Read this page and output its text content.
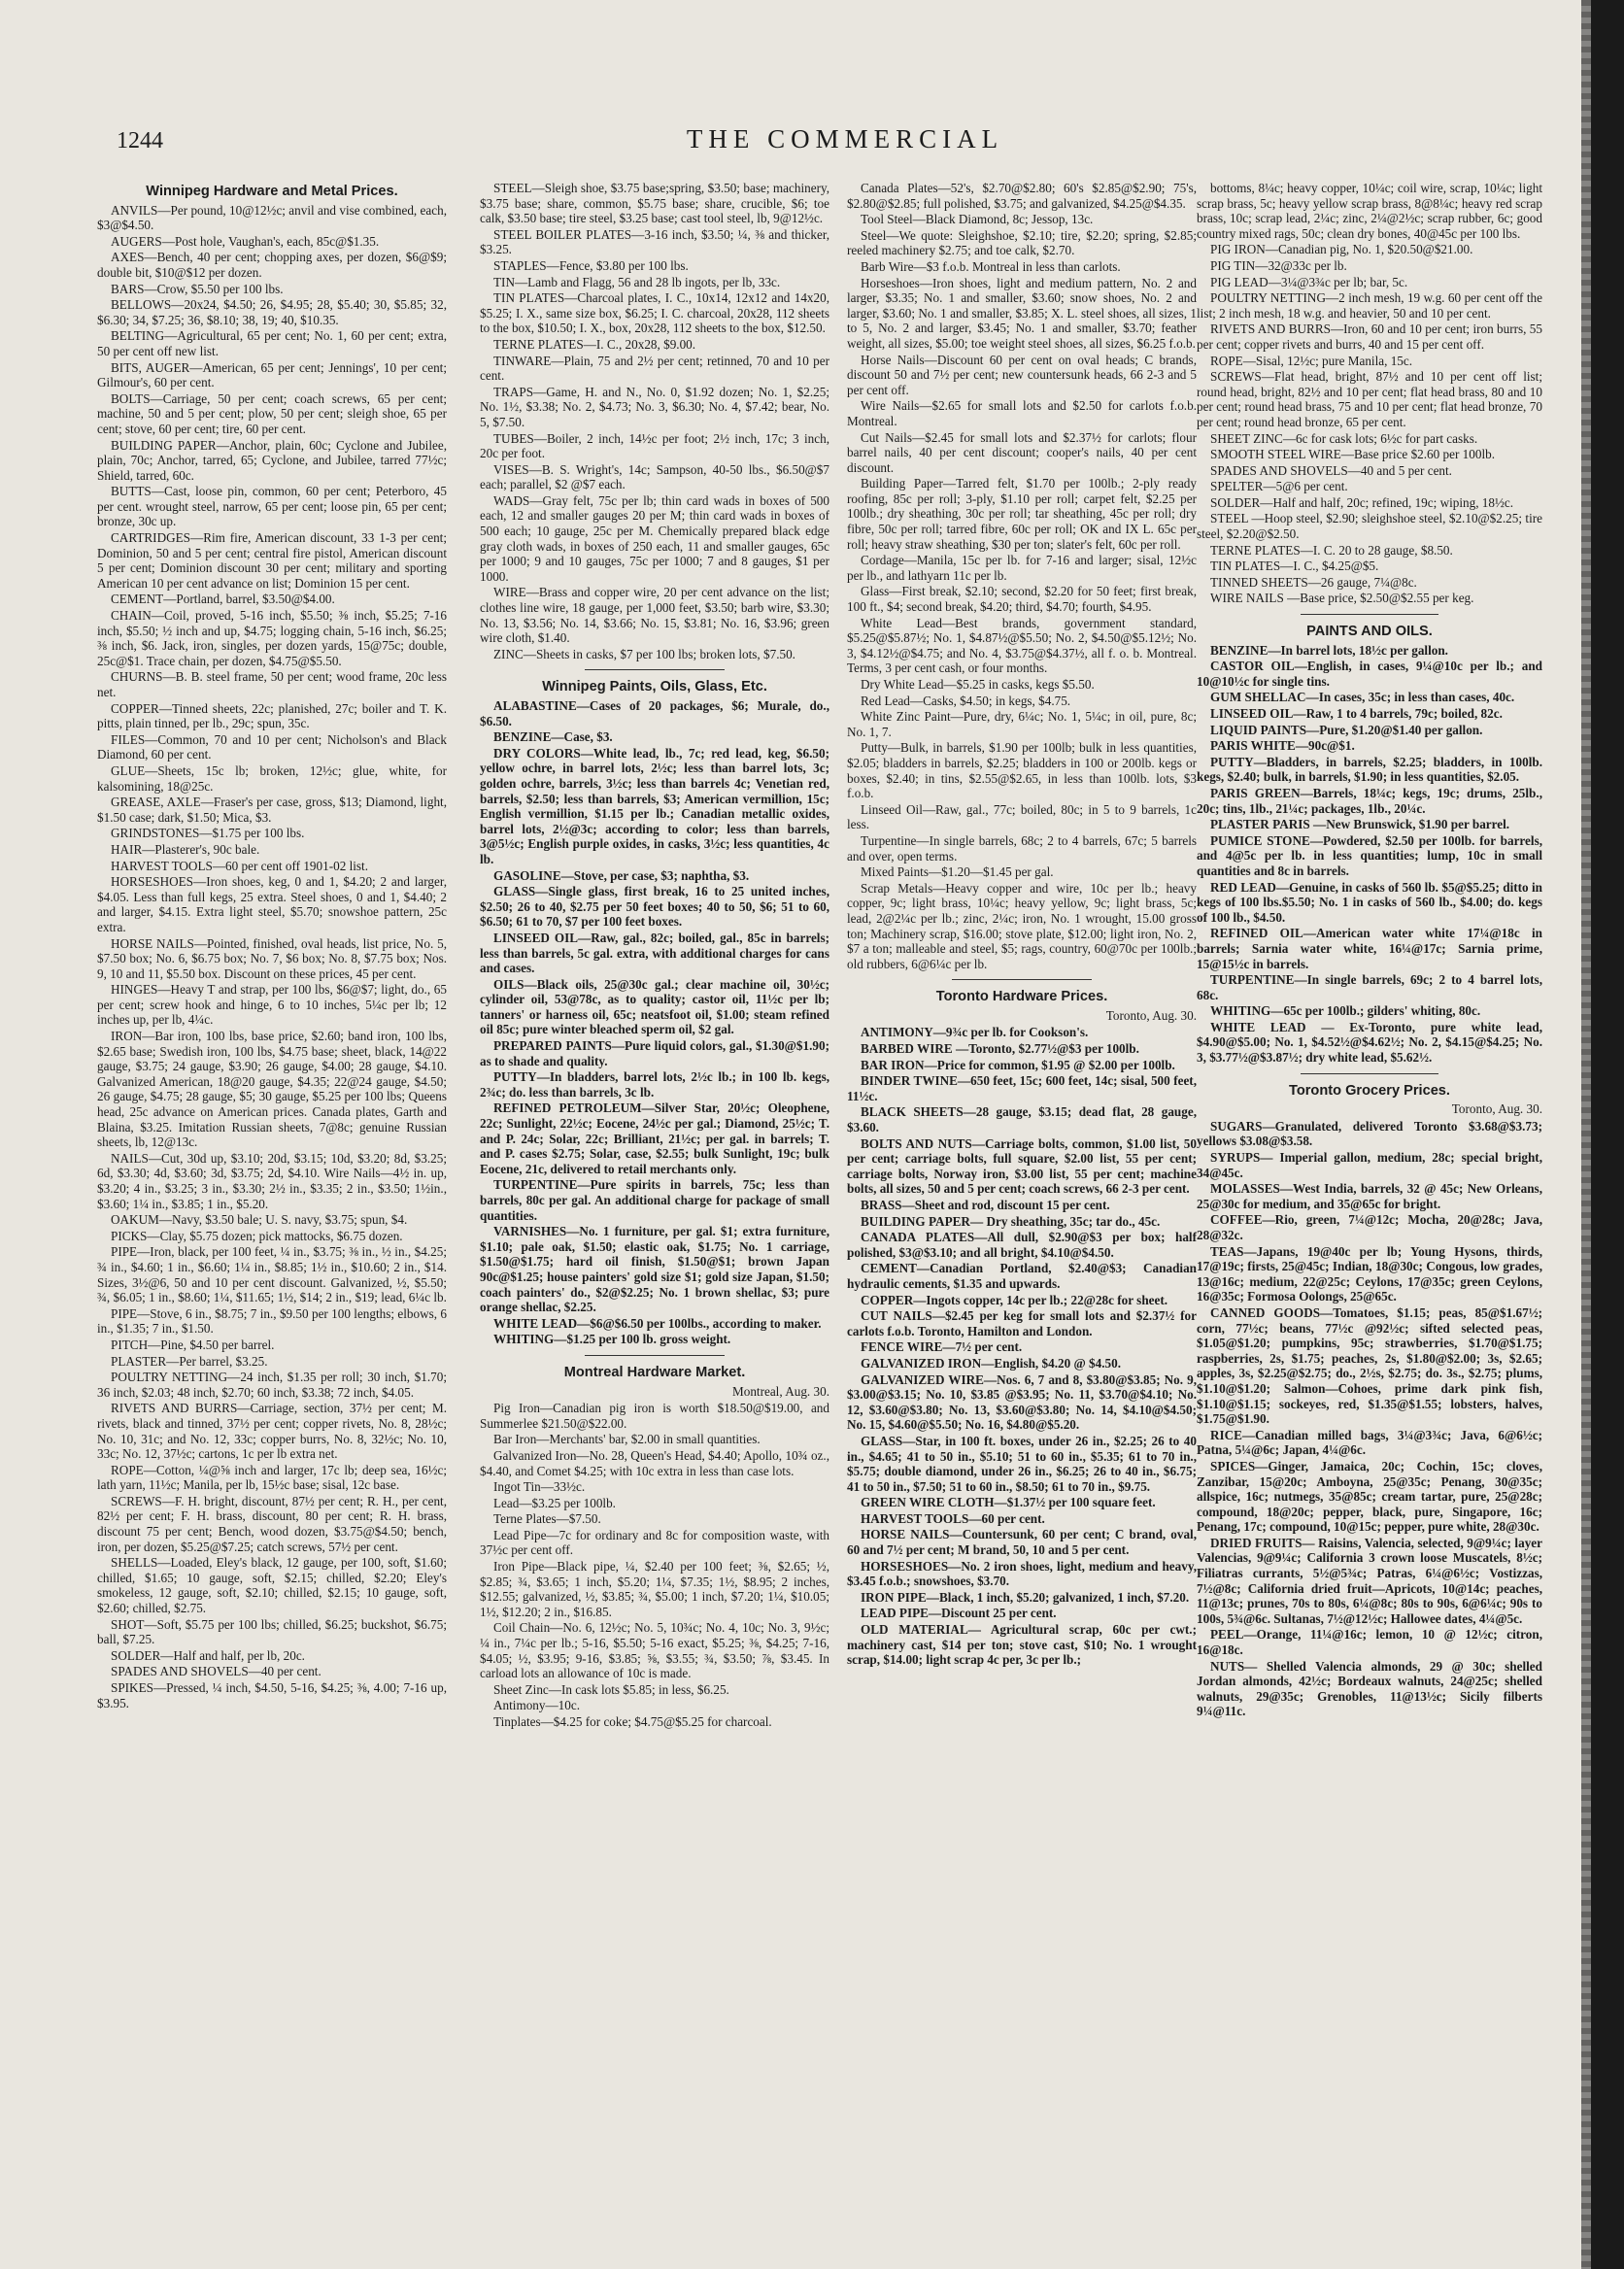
1244	THE COMMERCIAL
Winnipeg Hardware and Metal Prices.

ANVILS—Per pound, 10@12½c; anvil and vise combined, each, $3@$4.50.

AUGERS—Post hole, Vaughan's, each, 85c@$1.35.

AXES—Bench, 40 per cent; chopping axes, per dozen, $6@$9; double bit, $10@$12 per dozen.

BARS—Crow, $5.50 per 100 lbs.

BELLOWS—20x24, $4.50; 26, $4.95; 28, $5.40; 30, $5.85; 32, $6.30; 34, $7.25; 36, $8.10; 38, 19; 40, $10.35.

BELTING—Agricultural, 65 per cent; No. 1, 60 per cent; extra, 50 per cent off new list.

BITS, AUGER—American, 65 per cent; Jennings', 10 per cent; Gilmour's, 60 per cent.

BOLTS—Carriage, 50 per cent; coach screws, 65 per cent; machine, 50 and 5 per cent; plow, 50 per cent; sleigh shoe, 65 per cent; stove, 60 per cent; tire, 60 per cent.

BUILDING PAPER—Anchor, plain, 60c; Cyclone and Jubilee, plain, 70c; Anchor, tarred, 65; Cyclone, and Jubilee, tarred 77½c; Shield, tarred, 60c.

BUTTS—Cast, loose pin, common, 60 per cent; Peterboro, 45 per cent. wrought steel, narrow, 65 per cent; loose pin, 65 per cent; bronze, 30c up.

CARTRIDGES—Rim fire, American discount, 33 1-3 per cent; Dominion, 50 and 5 per cent; central fire pistol, American discount 5 per cent; Dominion discount 30 per cent; military and sporting American 10 per cent advance on list; Dominion 15 per cent.

CEMENT—Portland, barrel, $3.50@$4.00.

CHAIN—Coil, proved, 5-16 inch, $5.50; ⅜ inch, $5.25; 7-16 inch, $5.50; ½ inch and up, $4.75; logging chain, 5-16 inch, $6.25; ⅜ inch, $6. Jack, iron, singles, per dozen yards, 15@75c; double, 25c@$1. Trace chain, per dozen, $4.75@$5.50.

CHURNS—B. B. steel frame, 50 per cent; wood frame, 20c less net.

COPPER—Tinned sheets, 22c; planished, 27c; boiler and T. K. pitts, plain tinned, per lb., 29c; spun, 35c.

FILES—Common, 70 and 10 per cent; Nicholson's and Black Diamond, 60 per cent.

GLUE—Sheets, 15c lb; broken, 12½c; glue, white, for kalsomining, 18@25c.

GREASE, AXLE—Fraser's per case, gross, $13; Diamond, light, $1.50 case; dark, $1.50; Mica, $3.

GRINDSTONES—$1.75 per 100 lbs.

HAIR—Plasterer's, 90c bale.

HARVEST TOOLS—60 per cent off 1901-02 list.

HORSESHOES—Iron shoes, keg, 0 and 1, $4.20; 2 and larger, $4.05. Less than full kegs, 25 extra. Steel shoes, 0 and 1, $4.40; 2 and larger, $4.15. Extra light steel, $5.70; snowshoe pattern, 25c extra.

HORSE NAILS—Pointed, finished, oval heads, list price, No. 5, $7.50 box; No. 6, $6.75 box; No. 7, $6 box; No. 8, $7.75 box; Nos. 9, 10 and 11, $5.50 box. Discount on these prices, 45 per cent.

HINGES—Heavy T and strap, per 100 lbs, $6@$7; light, do., 65 per cent; screw hook and hinge, 6 to 10 inches, 5¼c per lb; 12 inches up, per lb, 4¼c.

IRON—Bar iron, 100 lbs, base price, $2.60; band iron, 100 lbs, $2.65 base; Swedish iron, 100 lbs, $4.75 base; sheet, black, 14@22 gauge, $3.75; 24 gauge, $3.90; 26 gauge, $4.00; 28 gauge, $4.10. Galvanized American, 18@20 gauge, $4.35; 22@24 gauge, $4.50; 26 gauge, $4.75; 28 gauge, $5; 30 gauge, $5.25 per 100 lbs; Queens head, 25c advance on American prices. Canada plates, Garth and Blaina, $3.25. Imitation Russian sheets, 7@8c; genuine Russian sheets, lb, 12@13c.

NAILS—Cut, 30d up, $3.10; 20d, $3.15; 10d, $3.20; 8d, $3.25; 6d, $3.30; 4d, $3.60; 3d, $3.75; 2d, $4.10. Wire Nails—4½ in. up, $3.20; 4 in., $3.25; 3 in., $3.30; 2½ in., $3.35; 2 in., $3.50; 1½in., $3.60; 1¼ in., $3.85; 1 in., $5.20.

OAKUM—Navy, $3.50 bale; U. S. navy, $3.75; spun, $4.

PICKS—Clay, $5.75 dozen; pick mattocks, $6.75 dozen.

PIPE—Iron, black, per 100 feet, ¼ in., $3.75; ⅜ in., ½ in., $4.25; ¾ in., $4.60; 1 in., $6.60; 1¼ in., $8.85; 1½ in., $10.60; 2 in., $14. Sizes, 3½@6, 50 and 10 per cent discount. Galvanized, ½, $5.50; ¾, $6.05; 1 in., $8.60; 1¼, $11.65; 1½, $14; 2 in., $19; lead, 6¼c lb.

PIPE—Stove, 6 in., $8.75; 7 in., $9.50 per 100 lengths; elbows, 6 in., $1.35; 7 in., $1.50.

PITCH—Pine, $4.50 per barrel.

PLASTER—Per barrel, $3.25.

POULTRY NETTING—24 inch, $1.35 per roll; 30 inch, $1.70; 36 inch, $2.03; 48 inch, $2.70; 60 inch, $3.38; 72 inch, $4.05.

RIVETS AND BURRS—Carriage, section, 37½ per cent; M. rivets, black and tinned, 37½ per cent; copper rivets, No. 8, 28½c; No. 10, 31c; and No. 12, 33c; copper burrs, No. 8, 32½c; No. 10, 33c; No. 12, 37½c; cartons, 1c per lb extra net.

ROPE—Cotton, ¼@⅝ inch and larger, 17c lb; deep sea, 16½c; lath yarn, 11½c; Manila, per lb, 15½c base; sisal, 12c base.

SCREWS—F. H. bright, discount, 87½ per cent; R. H., per cent, 82½ per cent; F. H. brass, discount, 80 per cent; R. H. brass, discount 75 per cent; Bench, wood dozen, $3.75@$4.50; bench, iron, per dozen, $5.25@$7.25; catch screws, 57½ per cent.

SHELLS—Loaded, Eley's black, 12 gauge, per 100, soft, $1.60; chilled, $1.65; 10 gauge, soft, $2.15; chilled, $2.20; Eley's smokeless, 12 gauge, soft, $2.10; chilled, $2.15; 10 gauge, soft, $2.60; chilled, $2.75.

SHOT—Soft, $5.75 per 100 lbs; chilled, $6.25; buckshot, $6.75; ball, $7.25.

SOLDER—Half and half, per lb, 20c.

SPADES AND SHOVELS—40 per cent.

SPIKES—Pressed, ¼ inch, $4.50, 5-16, $4.25; ⅜, 4.00; 7-16 up, $3.95.

STEEL—Sleigh shoe, $3.75 base;spring, $3.50; base; machinery, $3.75 base; share, common, $5.75 base; share, crucible, $6; toe calk, $3.50 base; tire steel, $3.25 base; cast tool steel, lb, 9@12½c.

STEEL BOILER PLATES—3-16 inch, $3.50; ¼, ⅜ and thicker, $3.25.

STAPLES—Fence, $3.80 per 100 lbs.

TIN—Lamb and Flagg, 56 and 28 lb ingots, per lb, 33c.

TIN PLATES—Charcoal plates, I. C., 10x14, 12x12 and 14x20, $5.25; I. X., same size box, $6.25; I. C. charcoal, 20x28, 112 sheets to the box, $10.50; I. X., box, 20x28, 112 sheets to the box, $12.50.

TERNE PLATES—I. C., 20x28, $9.00.

TINWARE—Plain, 75 and 2½ per cent; retinned, 70 and 10 per cent.

TRAPS—Game, H. and N., No. 0, $1.92 dozen; No. 1, $2.25; No. 1½, $3.38; No. 2, $4.73; No. 3, $6.30; No. 4, $7.42; bear, No. 5, $7.50.

TUBES—Boiler, 2 inch, 14½c per foot; 2½ inch, 17c; 3 inch, 20c per foot.

VISES—B. S. Wright's, 14c; Sampson, 40-50 lbs., $6.50@$7 each; parallel, $2 @$7 each.

WADS—Gray felt, 75c per lb; thin card wads in boxes of 500 each, 12 and smaller gauges 20 per M; thin card wads in boxes of 500 each; 10 gauge, 25c per M. Chemically prepared black edge gray cloth wads, in boxes of 250 each, 11 and smaller gauges, 65c per 1000; 9 and 10 gauges, 75c per 1000; 7 and 8 gauges, $1 per 1000.

WIRE—Brass and copper wire, 20 per cent advance on the list; clothes line wire, 18 gauge, per 1,000 feet, $3.50; barb wire, $3.30; No. 13, $3.56; No. 14, $3.66; No. 15, $3.81; No. 16, $3.96; green wire cloth, $1.40.

ZINC—Sheets in casks, $7 per 100 lbs; broken lots, $7.50.

Winnipeg Paints, Oils, Glass, Etc.

ALABASTINE—Cases of 20 packages, $6; Murale, do., $6.50.

BENZINE—Case, $3.

DRY COLORS—White lead, lb., 7c; red lead, keg, $6.50; yellow ochre, in barrel lots, 2½c; less than barrel lots, 3c; golden ochre, barrels, 3½c; less than barrels 4c; Venetian red, barrels, $2.50; less than barrels, $3; American vermillion, 15c; English vermillion, $1.15 per lb.; Canadian metallic oxides, barrel lots, 2½@3c; according to color; less than barrels, 3@5½c; English purple oxides, in casks, 3½c; less quantities, 4c lb.

GASOLINE—Stove, per case, $3; naphtha, $3.

GLASS—Single glass, first break, 16 to 25 united inches, $2.50; 26 to 40, $2.75 per 50 feet boxes; 40 to 50, $6; 51 to 60, $6.50; 61 to 70, $7 per 100 feet boxes.

LINSEED OIL—Raw, gal., 82c; boiled, gal., 85c in barrels; less than barrels, 5c gal. extra, with additional charges for cans and cases.

OILS—Black oils, 25@30c gal.; clear machine oil, 30½c; cylinder oil, 53@78c, as to quality; castor oil, 11½c per lb; tanners' or harness oil, 65c; neatsfoot oil, $1.00; steam refined oil 85c; pure winter bleached sperm oil, $2 gal.

PREPARED PAINTS—Pure liquid colors, gal., $1.30@$1.90; as to shade and quality.

PUTTY—In bladders, barrel lots, 2½c lb.; in 100 lb. kegs, 2¾c; do. less than barrels, 3c lb.

REFINED PETROLEUM—Silver Star, 20½c; Oleophene, 22c; Sunlight, 22½c; Eocene, 24½c per gal.; Diamond, 25½c; T. and P. 24c; Solar, 22c; Brilliant, 21½c; per gal. in barrels; T. and P. cases $2.75; Solar, case, $2.55; bulk Sunlight, 19c; bulk Eocene, 21c, delivered to retail merchants only.

TURPENTINE—Pure spirits in barrels, 75c; less than barrels, 80c per gal. An additional charge for package of small quantities.

VARNISHES—No. 1 furniture, per gal. $1; extra furniture, $1.10; pale oak, $1.50; elastic oak, $1.75; No. 1 carriage, $1.50@$1.75; hard oil finish, $1.50@$1; brown Japan 90c@$1.25; house painters' gold size $1; gold size Japan, $1.50; coach painters' do., $2@$2.25; No. 1 brown shellac, $3; pure orange shellac, $2.25.

WHITE LEAD—$6@$6.50 per 100lbs., according to maker.

WHITING—$1.25 per 100 lb. gross weight.

Montreal Hardware Market.
Montreal, Aug. 30.

Pig Iron—Canadian pig iron is worth $18.50@$19.00, and Summerlee $21.50@$22.00.

Bar Iron—Merchants' bar, $2.00 in small quantities.

Galvanized Iron—No. 28, Queen's Head, $4.40; Apollo, 10¾ oz., $4.40, and Comet $4.25; with 10c extra in less than case lots.

Ingot Tin—33½c.

Lead—$3.25 per 100lb.

Terne Plates—$7.50.

Lead Pipe—7c for ordinary and 8c for composition waste, with 37½c per cent off.

Iron Pipe—Black pipe, ¼, $2.40 per 100 feet; ⅜, $2.65; ½, $2.85; ¾, $3.65; 1 inch, $5.20; 1¼, $7.35; 1½, $8.95; 2 inches, $12.55; galvanized, ½, $3.85; ¾, $5.00; 1 inch, $7.20; 1¼, $10.05; 1½, $12.20; 2 in., $16.85.

Coil Chain—No. 6, 12½c; No. 5, 10¾c; No. 4, 10c; No. 3, 9½c; ¼ in., 7¼c per lb.; 5-16, $5.50; 5-16 exact, $5.25; ⅜, $4.25; 7-16, $4.05; ½, $3.95; 9-16, $3.85; ⅝, $3.55; ¾, $3.50; ⅞, $3.45. In carload lots an allowance of 10c is made.

Sheet Zinc—In cask lots $5.85; in less, $6.25.

Antimony—10c.

Tinplates—$4.25 for coke; $4.75@$5.25 for charcoal.

Canada Plates—52's, $2.70@$2.80; 60's $2.85@$2.90; 75's, $2.80@$2.85; full polished, $3.75; and galvanized, $4.25@$4.35.

Tool Steel—Black Diamond, 8c; Jessop, 13c.

Steel—We quote: Sleighshoe, $2.10; tire, $2.20; spring, $2.85; reeled machinery $2.75; and toe calk, $2.70.

Barb Wire—$3 f.o.b. Montreal in less than carlots.

Horseshoes—Iron shoes, light and medium pattern, No. 2 and larger, $3.35; No. 1 and smaller, $3.60; snow shoes, No. 2 and larger, $3.60; No. 1 and smaller, $3.85; X. L. steel shoes, all sizes, 1 to 5, No. 2 and larger, $3.45; No. 1 and smaller, $3.70; feather weight, all sizes, $5.00; toe weight steel shoes, all sizes, $6.25 f.o.b.

Horse Nails—Discount 60 per cent on oval heads; C brands, discount 50 and 7½ per cent; new countersunk heads, 66 2-3 and 5 per cent off.

Wire Nails—$2.65 for small lots and $2.50 for carlots f.o.b. Montreal.

Cut Nails—$2.45 for small lots and $2.37½ for carlots; flour barrel nails, 40 per cent discount; cooper's nails, 40 per cent discount.

Building Paper—Tarred felt, $1.70 per 100lb.; 2-ply ready roofing, 85c per roll; 3-ply, $1.10 per roll; carpet felt, $2.25 per 100lb.; dry sheathing, 30c per roll; tar sheathing, 45c per roll; dry fibre, 50c per roll; tarred fibre, 60c per roll; OK and IX L. 65c per roll; heavy straw sheathing, $30 per ton; slater's felt, 60c per roll.

Cordage—Manila, 15c per lb. for 7-16 and larger; sisal, 12½c per lb., and lathyarn 11c per lb.

Glass—First break, $2.10; second, $2.20 for 50 feet; first break, 100 ft., $4; second break, $4.20; third, $4.70; fourth, $4.95.

White Lead—Best brands, government standard, $5.25@$5.87½; No. 1, $4.87½@$5.50; No. 2, $4.50@$5.12½; No. 3, $4.12½@$4.75; and No. 4, $3.75@$4.37½, all f. o. b. Montreal. Terms, 3 per cent cash, or four months.

Dry White Lead—$5.25 in casks, kegs $5.50.

Red Lead—Casks, $4.50; in kegs, $4.75.

White Zinc Paint—Pure, dry, 6¼c; No. 1, 5¼c; in oil, pure, 8c; No. 1, 7.

Putty—Bulk, in barrels, $1.90 per 100lb; bulk in less quantities, $2.05; bladders in barrels, $2.25; bladders in 100 or 200lb. kegs or boxes, $2.40; in tins, $2.55@$2.65, in less than 100lb. lots, $3 f.o.b.

Linseed Oil—Raw, gal., 77c; boiled, 80c; in 5 to 9 barrels, 1c less.

Turpentine—In single barrels, 68c; 2 to 4 barrels, 67c; 5 barrels and over, open terms.

Mixed Paints—$1.20—$1.45 per gal.

Scrap Metals—Heavy copper and wire, 10c per lb.; heavy copper, 9c; light brass, 10¼c; heavy yellow, 9c; light brass, 5c; lead, 2@2¼c per lb.; zinc, 2¼c; iron, No. 1 wrought, 15.00 gross ton; Machinery scrap, $16.00; stove plate, $12.00; light iron, No. 2, $7 a ton; malleable and steel, $5; rags, country, 60@70c per 100lb.; old rubbers, 6@6¼c per lb.

Toronto Hardware Prices.
Toronto, Aug. 30.

ANTIMONY—9¾c per lb. for Cookson's.

BARBED WIRE —Toronto, $2.77½@$3 per 100lb.

BAR IRON—Price for common, $1.95 @ $2.00 per 100lb.

BINDER TWINE—650 feet, 15c; 600 feet, 14c; sisal, 500 feet, 11½c.

BLACK SHEETS—28 gauge, $3.15; dead flat, 28 gauge, $3.60.

BOLTS AND NUTS—Carriage bolts, common, $1.00 list, 50 per cent; carriage bolts, full square, $2.00 list, 55 per cent; carriage bolts, Norway iron, $3.00 list, 55 per cent; machine bolts, all sizes, 50 and 5 per cent; coach screws, 66 2-3 per cent.

BRASS—Sheet and rod, discount 15 per cent.

BUILDING PAPER— Dry sheathing, 35c; tar do., 45c.

CANADA PLATES—All dull, $2.90@$3 per box; half polished, $3@$3.10; and all bright, $4.10@$4.50.

CEMENT—Canadian Portland, $2.40@$3; Canadian hydraulic cements, $1.35 and upwards.

COPPER—Ingots copper, 14c per lb.; 22@28c for sheet.

CUT NAILS—$2.45 per keg for small lots and $2.37½ for carlots f.o.b. Toronto, Hamilton and London.

FENCE WIRE—7½ per cent.

GALVANIZED IRON—English, $4.20 @ $4.50.

GALVANIZED WIRE—Nos. 6, 7 and 8, $3.80@$3.85; No. 9, $3.00@$3.15; No. 10, $3.85 @$3.95; No. 11, $3.70@$4.10; No. 12, $3.60@$3.80; No. 13, $3.60@$3.80; No. 14, $4.10@$4.50; No. 15, $4.60@$5.50; No. 16, $4.80@$5.20.

GLASS—Star, in 100 ft. boxes, under 26 in., $2.25; 26 to 40 in., $4.65; 41 to 50 in., $5.10; 51 to 60 in., $5.35; 61 to 70 in., $5.75; double diamond, under 26 in., $6.25; 26 to 40 in., $6.75; 41 to 50 in., $7.50; 51 to 60 in., $8.50; 61 to 70 in., $9.75.

GREEN WIRE CLOTH—$1.37½ per 100 square feet.

HARVEST TOOLS—60 per cent.

HORSE NAILS—Countersunk, 60 per cent; C brand, oval, 60 and 7½ per cent; M brand, 50, 10 and 5 per cent.

HORSESHOES—No. 2 iron shoes, light, medium and heavy, $3.45 f.o.b.; snowshoes, $3.70.

IRON PIPE—Black, 1 inch, $5.20; galvanized, 1 inch, $7.20.

LEAD PIPE—Discount 25 per cent.

OLD MATERIAL— Agricultural scrap, 60c per cwt.; machinery cast, $14 per ton; stove cast, $10; No. 1 wrought scrap, $14.00; light scrap 4c per, 3c per lb.;

bottoms, 8¼c; heavy copper, 10¼c; coil wire, scrap, 10¼c; light scrap brass, 5c; heavy yellow scrap brass, 8@8¼c; heavy red scrap brass, 10c; scrap lead, 2¼c; zinc, 2¼@2½c; scrap rubber, 6c; good country mixed rags, 50c; clean dry bones, 40@45c per 100 lbs.

PIG IRON—Canadian pig, No. 1, $20.50@$21.00.

PIG TIN—32@33c per lb.

PIG LEAD—3¼@3¾c per lb; bar, 5c.

POULTRY NETTING—2 inch mesh, 19 w.g. 60 per cent off the list; 2 inch mesh, 18 w.g. and heavier, 50 and 10 per cent.

RIVETS AND BURRS—Iron, 60 and 10 per cent; iron burrs, 55 per cent; copper rivets and burrs, 40 and 15 per cent off.

ROPE—Sisal, 12½c; pure Manila, 15c.

SCREWS—Flat head, bright, 87½ and 10 per cent off list; round head, bright, 82½ and 10 per cent; flat head brass, 80 and 10 per cent; round head brass, 75 and 10 per cent; flat head bronze, 70 per cent; round head bronze, 65 per cent.

SHEET ZINC—6c for cask lots; 6½c for part casks.

SMOOTH STEEL WIRE—Base price $2.60 per 100lb.

SPADES AND SHOVELS—40 and 5 per cent.

SPELTER—5@6 per cent.

SOLDER—Half and half, 20c; refined, 19c; wiping, 18½c.

STEEL —Hoop steel, $2.90; sleighshoe steel, $2.10@$2.25; tire steel, $2.20@$2.50.

TERNE PLATES—I. C. 20 to 28 gauge, $8.50.

TIN PLATES—I. C., $4.25@$5.

TINNED SHEETS—26 gauge, 7¼@8c.

WIRE NAILS —Base price, $2.50@$2.55 per keg.

PAINTS AND OILS.

BENZINE—In barrel lots, 18½c per gallon.

CASTOR OIL—English, in cases, 9¼@10c per lb.; and 10@10½c for single tins.

GUM SHELLAC—In cases, 35c; in less than cases, 40c.

LINSEED OIL—Raw, 1 to 4 barrels, 79c; boiled, 82c.

LIQUID PAINTS—Pure, $1.20@$1.40 per gallon.

PARIS WHITE—90c@$1.

PUTTY—Bladders, in barrels, $2.25; bladders, in 100lb. kegs, $2.40; bulk, in barrels, $1.90; in less quantities, $2.05.

PARIS GREEN—Barrels, 18¼c; kegs, 19c; drums, 25lb., 20c; tins, 1lb., 21¼c; packages, 1lb., 20¼c.

PLASTER PARIS —New Brunswick, $1.90 per barrel.

PUMICE STONE—Powdered, $2.50 per 100lb. for barrels, and 4@5c per lb. in less quantities; lump, 10c in small quantities and 8c in barrels.

RED LEAD—Genuine, in casks of 560 lb. $5@$5.25; ditto in kegs of 100 lbs.$5.50; No. 1 in casks of 560 lb., $4.00; do. kegs of 100 lb., $4.50.

REFINED OIL—American water white 17¼@18c in barrels; Sarnia water white, 16¼@17c; Sarnia prime, 15@15½c in barrels.

TURPENTINE—In single barrels, 69c; 2 to 4 barrel lots, 68c.

WHITING—65c per 100lb.; gilders' whiting, 80c.

WHITE LEAD — Ex-Toronto, pure white lead, $4.90@$5.00; No. 1, $4.52½@$4.62½; No. 2, $4.15@$4.25; No. 3, $3.77½@$3.87½; dry white lead, $5.62½.

Toronto Grocery Prices.
Toronto, Aug. 30.

SUGARS—Granulated, delivered Toronto $3.68@$3.73; yellows $3.08@$3.58.

SYRUPS— Imperial gallon, medium, 28c; special bright, 34@45c.

MOLASSES—West India, barrels, 32 @ 45c; New Orleans, 25@30c for medium, and 35@65c for bright.

COFFEE—Rio, green, 7¼@12c; Mocha, 20@28c; Java, 28@32c.

TEAS—Japans, 19@40c per lb; Young Hysons, thirds, 17@19c; firsts, 25@45c; Indian, 18@30c; Congous, low grades, 13@16c; medium, 22@25c; Ceylons, 17@35c; green Ceylons, 16@35c; Formosa Oolongs, 25@65c.

CANNED GOODS—Tomatoes, $1.15; peas, 85@$1.67½; corn, 77½c; beans, 77½c @92½c; sifted selected peas, $1.05@$1.20; pumpkins, 95c; strawberries, $1.70@$1.75; raspberries, 2s, $1.75; peaches, 2s, $1.80@$2.00; 3s, $2.65; apples, 3s, $2.25@$2.75; do., 2½s, $2.75; do. 3s., $2.75; plums, $1.10@$1.20; Salmon—Cohoes, prime dark pink fish, $1.10@$1.15; sockeyes, red, $1.35@$1.55; lobsters, halves, $1.75@$1.90.

RICE—Canadian milled bags, 3¼@3¾c; Java, 6@6½c; Patna, 5¼@6c; Japan, 4¼@6c.

SPICES—Ginger, Jamaica, 20c; Cochin, 15c; cloves, Zanzibar, 15@20c; Amboyna, 25@35c; Penang, 30@35c; allspice, 16c; nutmegs, 35@85c; cream tartar, pure, 25@28c; compound, 18@20c; pepper, black, pure, Singapore, 16c; Penang, 17c; compound, 10@15c; pepper, pure white, 28@30c.

DRIED FRUITS— Raisins, Valencia, selected, 9@9¼c; layer Valencias, 9@9¼c; California 3 crown loose Muscatels, 8½c; Filiatras currants, 5½@5¾c; Patras, 6¼@6½c; Vostizzas, 7½@8c; California dried fruit—Apricots, 10@14c; peaches, 11@13c; prunes, 70s to 80s, 6¼@8c; 80s to 90s, 6@6¼c; 90s to 100s, 5¾@6c. Sultanas, 7½@12½c; Hallowee dates, 4¼@5c.

PEEL—Orange, 11¼@16c; lemon, 10 @ 12½c; citron, 16@18c.

NUTS— Shelled Valencia almonds, 29 @ 30c; shelled Jordan almonds, 42½c; Bordeaux walnuts, 24@25c; shelled walnuts, 29@35c; Grenobles, 11@13½c; Sicily filberts 9¼@11c.
